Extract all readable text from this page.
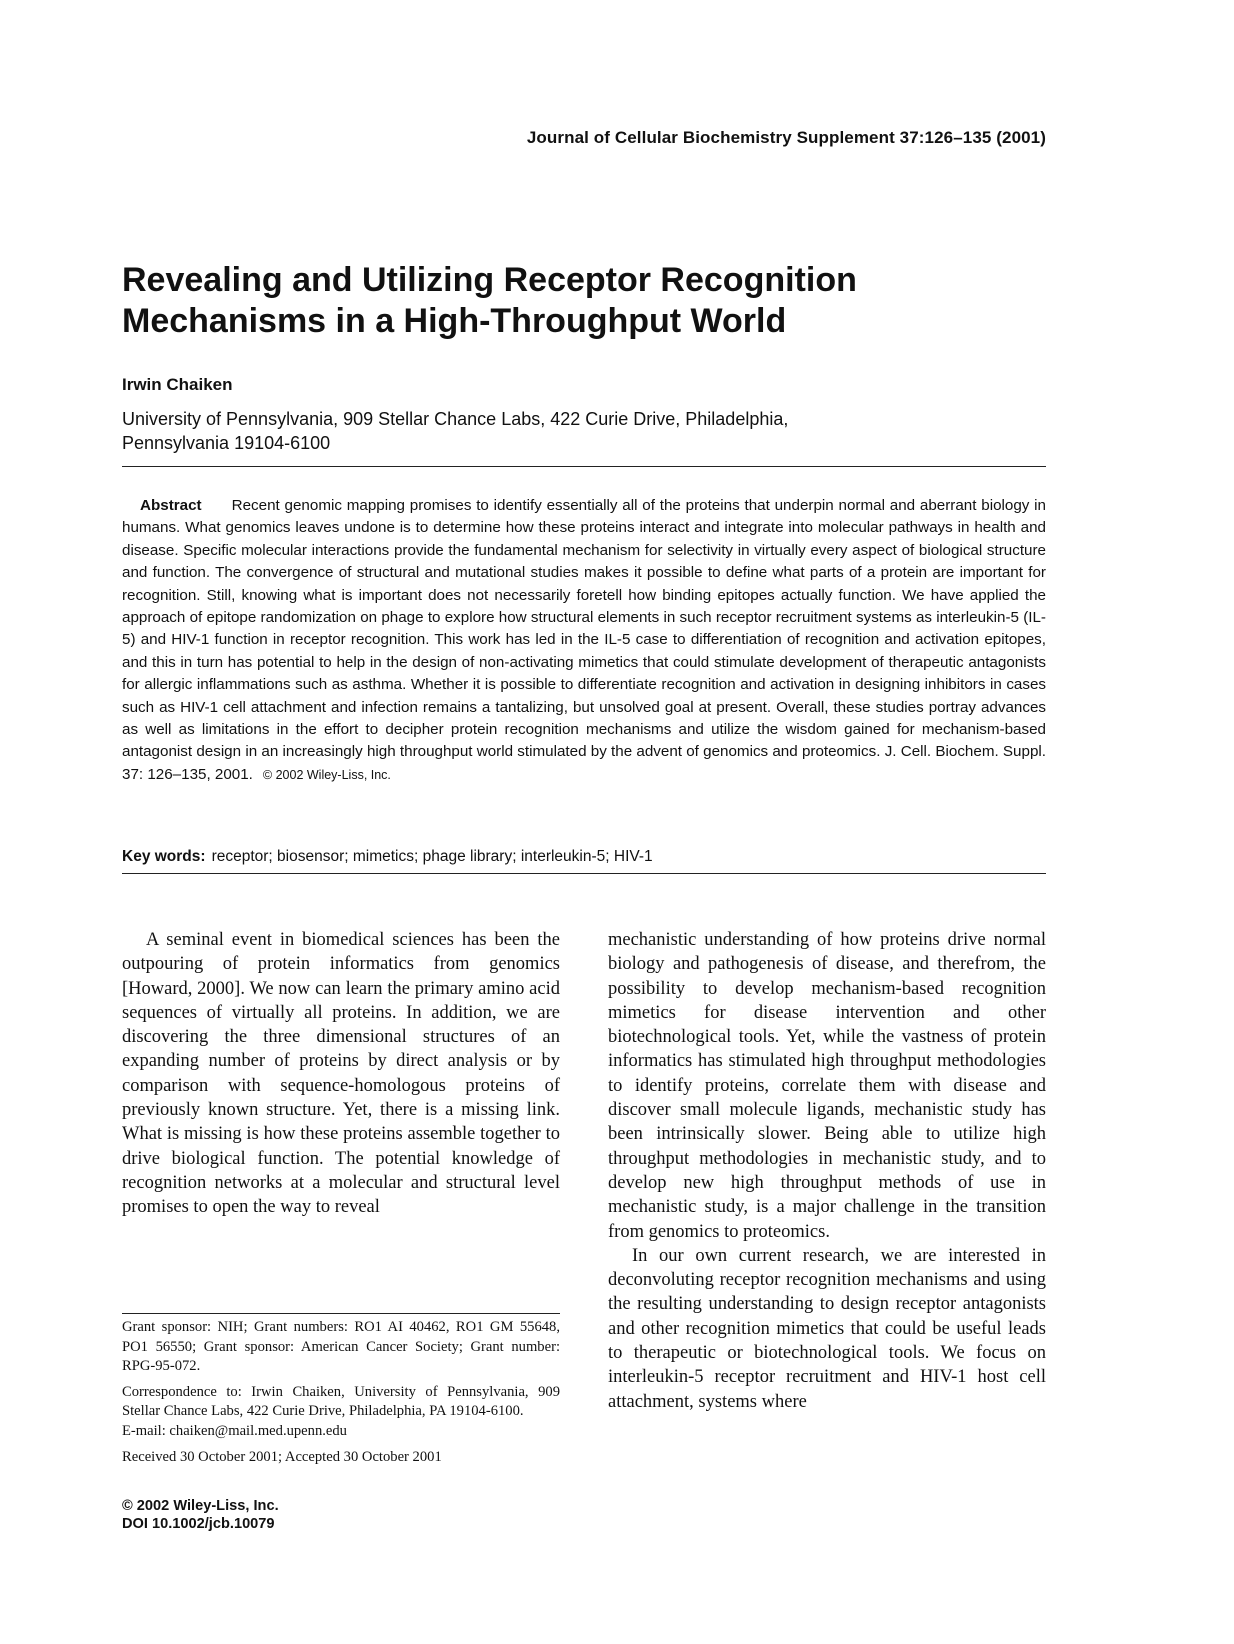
Journal of Cellular Biochemistry Supplement 37:126–135 (2001)
Revealing and Utilizing Receptor Recognition Mechanisms in a High-Throughput World
Irwin Chaiken
University of Pennsylvania, 909 Stellar Chance Labs, 422 Curie Drive, Philadelphia, Pennsylvania 19104-6100

Abstract Recent genomic mapping promises to identify essentially all of the proteins that underpin normal and aberrant biology in humans. What genomics leaves undone is to determine how these proteins interact and integrate into molecular pathways in health and disease. Specific molecular interactions provide the fundamental mechanism for selectivity in virtually every aspect of biological structure and function. The convergence of structural and mutational studies makes it possible to define what parts of a protein are important for recognition. Still, knowing what is important does not necessarily foretell how binding epitopes actually function. We have applied the approach of epitope randomization on phage to explore how structural elements in such receptor recruitment systems as interleukin-5 (IL-5) and HIV-1 function in receptor recognition. This work has led in the IL-5 case to differentiation of recognition and activation epitopes, and this in turn has potential to help in the design of non-activating mimetics that could stimulate development of therapeutic antagonists for allergic inflammations such as asthma. Whether it is possible to differentiate recognition and activation in designing inhibitors in cases such as HIV-1 cell attachment and infection remains a tantalizing, but unsolved goal at present. Overall, these studies portray advances as well as limitations in the effort to decipher protein recognition mechanisms and utilize the wisdom gained for mechanism-based antagonist design in an increasingly high throughput world stimulated by the advent of genomics and proteomics. J. Cell. Biochem. Suppl. 37: 126–135, 2001. © 2002 Wiley-Liss, Inc.

Key words: receptor; biosensor; mimetics; phage library; interleukin-5; HIV-1

A seminal event in biomedical sciences has been the outpouring of protein informatics from genomics [Howard, 2000]. We now can learn the primary amino acid sequences of virtually all proteins. In addition, we are discovering the three dimensional structures of an expanding number of proteins by direct analysis or by comparison with sequence-homologous proteins of previously known structure. Yet, there is a missing link. What is missing is how these proteins assemble together to drive biological function. The potential knowledge of recognition networks at a molecular and structural level promises to open the way to reveal

Grant sponsor: NIH; Grant numbers: RO1 AI 40462, RO1 GM 55648, PO1 56550; Grant sponsor: American Cancer Society; Grant number: RPG-95-072.

Correspondence to: Irwin Chaiken, University of Pennsylvania, 909 Stellar Chance Labs, 422 Curie Drive, Philadelphia, PA 19104-6100.

E-mail: chaiken@mail.med.upenn.edu

Received 30 October 2001; Accepted 30 October 2001

© 2002 Wiley-Liss, Inc.
DOI 10.1002/jcb.10079

mechanistic understanding of how proteins drive normal biology and pathogenesis of disease, and therefrom, the possibility to develop mechanism-based recognition mimetics for disease intervention and other biotechnological tools. Yet, while the vastness of protein informatics has stimulated high throughput methodologies to identify proteins, correlate them with disease and discover small molecule ligands, mechanistic study has been intrinsically slower. Being able to utilize high throughput methodologies in mechanistic study, and to develop new high throughput methods of use in mechanistic study, is a major challenge in the transition from genomics to proteomics.

In our own current research, we are interested in deconvoluting receptor recognition mechanisms and using the resulting understanding to design receptor antagonists and other recognition mimetics that could be useful leads to therapeutic or biotechnological tools. We focus on interleukin-5 receptor recruitment and HIV-1 host cell attachment, systems where
